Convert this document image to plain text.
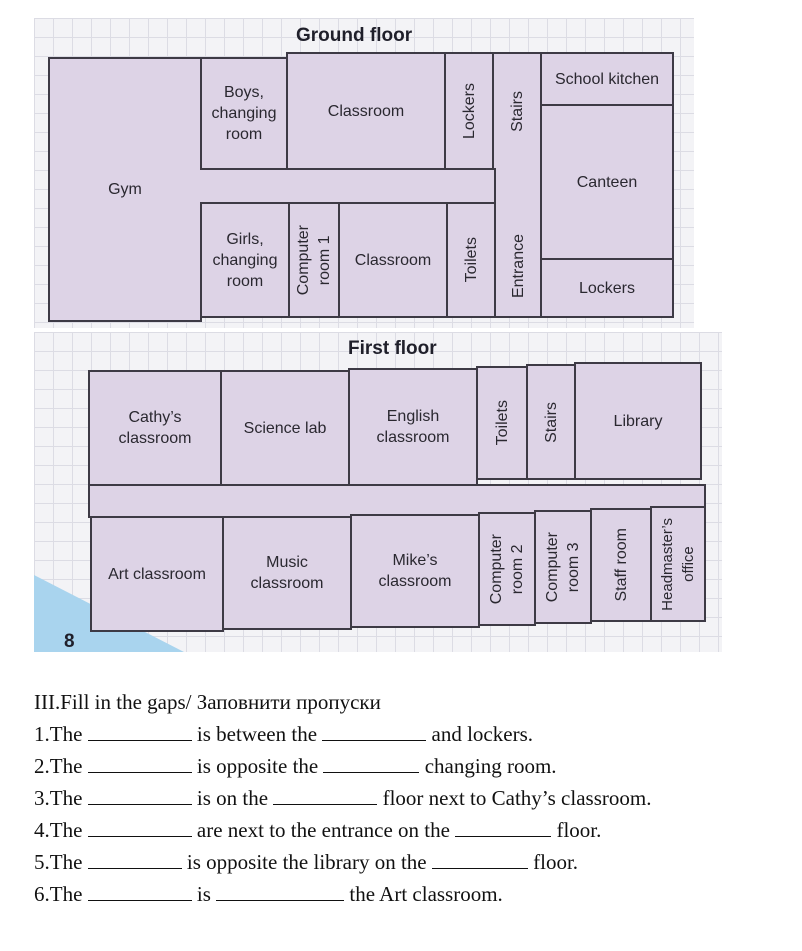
Ground floor
Gym
Boys,
changing
room
Classroom	Lockers Stairs
School kitchen
Canteen
Girls,
changing
room	Computer
room 1
Classroom Toilets Entrance	Lockers
First floor
Cathy’s
classroom
Science lab
English
classroom	Toilets Stairs	Library
Art classroom
Music
classroom
Mike’s
classroom Computer
room 2 Computer
room 3 Staff room Headmaster’s
office
8
III.Fill in the gaps/ Заповнити пропуски
1.The	is between the	and lockers.
2.The	is opposite the	changing room.
3.The	is on the	floor next to Cathy’s classroom.
4.The	are next to the entrance on the	floor.
5.The	is opposite the library on the	floor.
6.The	is	the Art classroom.
